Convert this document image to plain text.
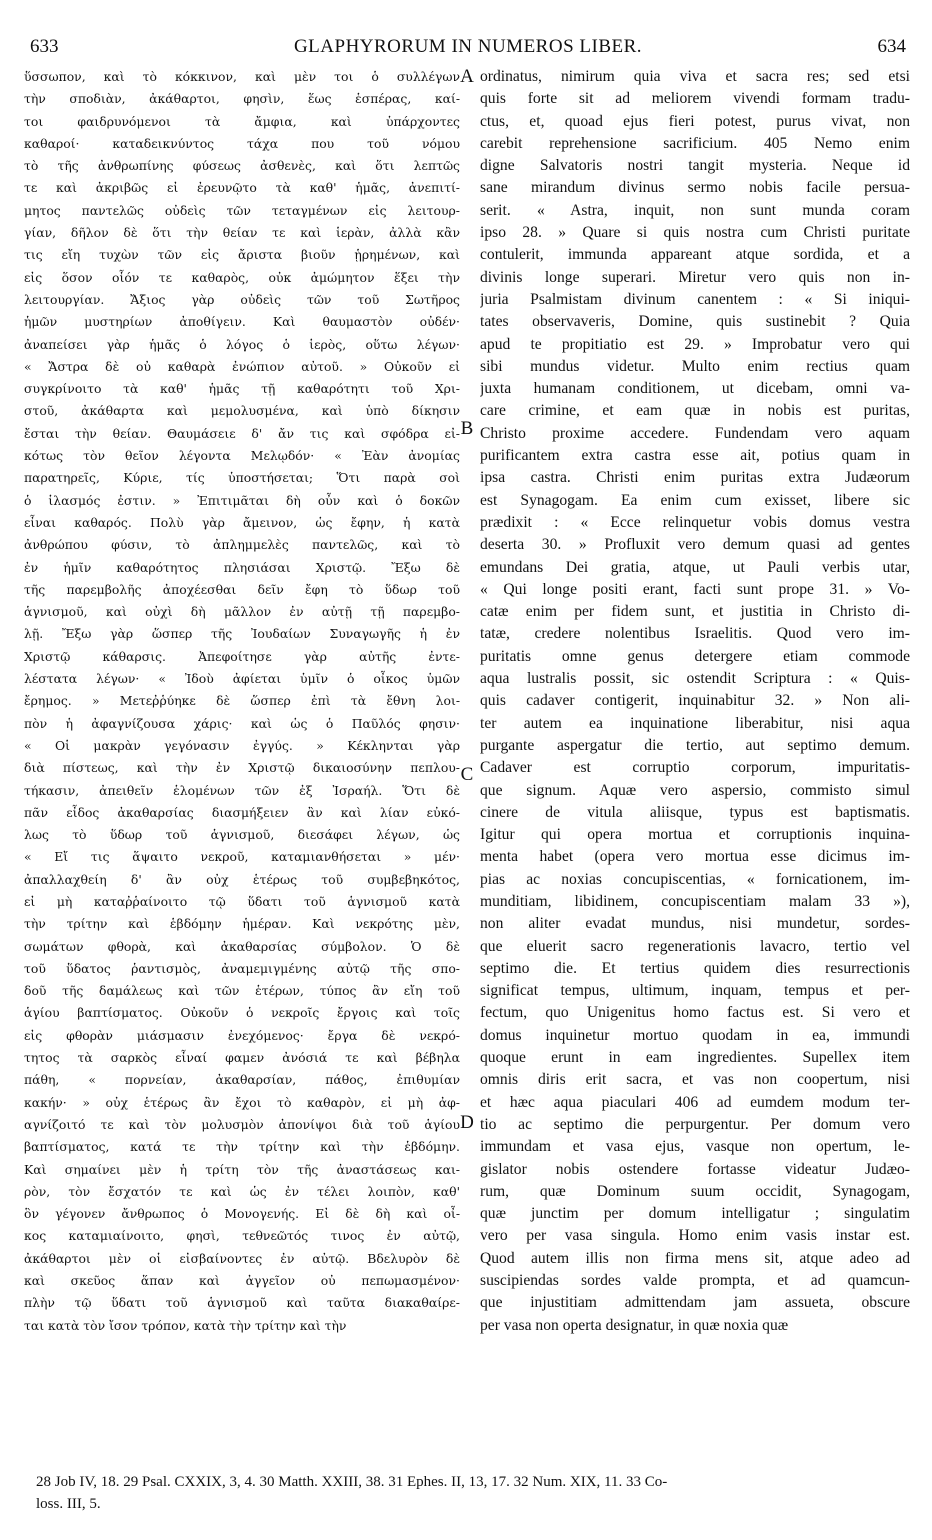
633	GLAPHYRORUM IN NUMEROS LIBER.	634
ὕσσωπον, καὶ τὸ κόκκινον, καὶ μὲν τοι ὁ συλλέγων
τὴν σποδιὰν, ἀκάθαρτοι, φησὶν, ἕως ἑσπέρας, καί-
τοι φαιδρυνόμενοι τὰ ἄμφια, καὶ ὑπάρχοντες
καθαροί· καταδεικνύντος τάχα που τοῦ νόμου
τὸ τῆς ἀνθρωπίνης φύσεως ἀσθενὲς, καὶ ὅτι λεπτῶς
τε καὶ ἀκριβῶς εἰ ἐρευνῷτο τὰ καθ' ἡμᾶς, ἀνεπιτί-
μητος παντελῶς οὐδεὶς τῶν τεταγμένων εἰς λειτουρ-
γίαν, δῆλον δὲ ὅτι τὴν θείαν τε καὶ ἱερὰν, ἀλλὰ κἂν
τις εἴη τυχὼν τῶν εἰς ἄριστα βιοῦν ᾑρημένων, καὶ
εἰς ὅσον οἷόν τε καθαρὸς, οὐκ ἀμώμητον ἕξει τὴν
λειτουργίαν. Ἄξιος γὰρ οὐδεὶς τῶν τοῦ Σωτῆρος
ἡμῶν μυστηρίων ἀποθίγειν. Καὶ θαυμαστὸν οὐδέν·
ἀναπείσει γὰρ ἡμᾶς ὁ λόγος ὁ ἱερὸς, οὕτω λέγων·
« Ἄστρα δὲ οὐ καθαρὰ ἐνώπιον αὐτοῦ. » Οὐκοῦν εἰ
συγκρίνοιτο τὰ καθ' ἡμᾶς τῇ καθαρότητι τοῦ Χρι-
στοῦ, ἀκάθαρτα καὶ μεμολυσμένα, καὶ ὑπὸ δίκησιν
ἔσται τὴν θείαν. Θαυμάσειε δ' ἄν τις καὶ σφόδρα εἰ-
κότως τὸν θεῖον λέγοντα Μελῳδόν· « Ἐὰν ἀνομίας
παρατηρεῖς, Κύριε, τίς ὑποστήσεται; Ὅτι παρὰ σοὶ
ὁ ἱλασμός ἐστιν. » Ἐπιτιμᾶται δὴ οὖν καὶ ὁ δοκῶν
εἶναι καθαρός. Πολὺ γὰρ ἄμεινον, ὡς ἔφην, ἡ κατὰ
ἀνθρώπου φύσιν, τὸ ἀπλημμελὲς παντελῶς, καὶ τὸ
ἐν ἡμῖν καθαρότητος πλησιάσαι Χριστῷ. Ἔξω δὲ
τῆς παρεμβολῆς ἀποχέεσθαι δεῖν ἔφη τὸ ὕδωρ τοῦ
ἁγνισμοῦ, καὶ οὐχὶ δὴ μᾶλλον ἐν αὐτῇ τῇ παρεμβο-
λῇ. Ἔξω γὰρ ὥσπερ τῆς Ἰουδαίων Συναγωγῆς ἡ ἐν
Χριστῷ κάθαρσις. Ἀπεφοίτησε γὰρ αὐτῆς ἐντε-
λέστατα λέγων· « Ἰδοὺ ἀφίεται ὑμῖν ὁ οἶκος ὑμῶν
ἔρημος. » Μετεῤῥύηκε δὲ ὥσπερ ἐπὶ τὰ ἔθνη λοι-
πὸν ἡ ἀφαγνίζουσα χάρις· καὶ ὡς ὁ Παῦλός φησιν·
« Οἱ μακρὰν γεγόνασιν ἐγγύς. » Κέκληνται γὰρ
διὰ πίστεως, καὶ τὴν ἐν Χριστῷ δικαιοσύνην πεπλου-
τήκασιν, ἀπειθεῖν ἑλομένων τῶν ἐξ Ἰσραήλ. Ὅτι δὲ
πᾶν εἶδος ἀκαθαρσίας διασμήξειεν ἂν καὶ λίαν εὐκό-
λως τὸ ὕδωρ τοῦ ἁγνισμοῦ, διεσάφει λέγων, ὡς
« Εἴ τις ἅψαιτο νεκροῦ, καταμιανθήσεται » μέν·
ἀπαλλαχθείη δ' ἂν οὐχ ἑτέρως τοῦ συμβεβηκότος,
εἰ μὴ καταῤῥαίνοιτο τῷ ὕδατι τοῦ ἁγνισμοῦ κατὰ
τὴν τρίτην καὶ ἑβδόμην ἡμέραν. Καὶ νεκρότης μὲν,
σωμάτων φθορὰ, καὶ ἀκαθαρσίας σύμβολον. Ὁ δὲ
τοῦ ὕδατος ῥαντισμὸς, ἀναμεμιγμένης αὐτῷ τῆς σπο-
δοῦ τῆς δαμάλεως καὶ τῶν ἑτέρων, τύπος ἂν εἴη τοῦ
ἁγίου βαπτίσματος. Οὐκοῦν ὁ νεκροῖς ἔργοις καὶ τοῖς
εἰς φθορὰν μιάσμασιν ἐνεχόμενος· ἔργα δὲ νεκρό-
τητος τὰ σαρκὸς εἶναί φαμεν ἀνόσιά τε καὶ βέβηλα
πάθη, « πορνείαν, ἀκαθαρσίαν, πάθος, ἐπιθυμίαν
κακήν· » οὐχ ἑτέρως ἂν ἔχοι τὸ καθαρὸν, εἰ μὴ ἀφ-
αγνίζοιτό τε καὶ τὸν μολυσμὸν ἀπονίψοι διὰ τοῦ ἁγίου
βαπτίσματος, κατά τε τὴν τρίτην καὶ τὴν ἑβδόμην.
Καὶ σημαίνει μὲν ἡ τρίτη τὸν τῆς ἀναστάσεως και-
ρὸν, τὸν ἔσχατόν τε καὶ ὡς ἐν τέλει λοιπὸν, καθ'
ὃν γέγονεν ἄνθρωπος ὁ Μονογενής. Εἰ δὲ δὴ καὶ οἶ-
κος καταμιαίνοιτο, φησὶ, τεθνεῶτός τινος ἐν αὐτῷ,
ἀκάθαρτοι μὲν οἱ εἰσβαίνοντες ἐν αὐτῷ. Βδελυρὸν δὲ
καὶ σκεῦος ἅπαν καὶ ἀγγεῖον οὐ πεπωμασμένον·
πλὴν τῷ ὕδατι τοῦ ἁγνισμοῦ καὶ ταῦτα διακαθαίρε-
ται κατὰ τὸν ἴσον τρόπον, κατὰ τὴν τρίτην καὶ τὴν
ordinatus, nimirum quia viva et sacra res; sed etsi
quis forte sit ad meliorem vivendi formam tradu-
ctus, et, quoad ejus fieri potest, purus vivat, non
carebit reprehensione sacrificium. 405 Nemo enim
digne Salvatoris nostri tangit mysteria. Neque id
sane mirandum divinus sermo nobis facile persua-
serit. « Astra, inquit, non sunt munda coram
ipso 28. » Quare si quis nostra cum Christi puritate
contulerit, immunda appareant atque sordida, et a
divinis longe superari. Miretur vero quis non in-
juria Psalmistam divinum canentem : « Si iniqui-
tates observaveris, Domine, quis sustinebit ? Quia
apud te propitiatio est 29. » Improbatur vero qui
sibi mundus videtur. Multo enim rectius quam
juxta humanam conditionem, ut dicebam, omni va-
care crimine, et eam quæ in nobis est puritas,
Christo proxime accedere. Fundendam vero aquam
purificantem extra castra esse ait, potius quam in
ipsa castra. Christi enim puritas extra Judæorum
est Synagogam. Ea enim cum exisset, libere sic
prædixit : « Ecce relinquetur vobis domus vestra
deserta 30. » Profluxit vero demum quasi ad gentes
emundans Dei gratia, atque, ut Pauli verbis utar,
« Qui longe positi erant, facti sunt prope 31. » Vo-
catæ enim per fidem sunt, et justitia in Christo di-
tatæ, credere nolentibus Israelitis. Quod vero im-
puritatis omne genus detergere etiam commode
aqua lustralis possit, sic ostendit Scriptura : « Quis-
quis cadaver contigerit, inquinabitur 32. » Non ali-
ter autem ea inquinatione liberabitur, nisi aqua
purgante aspergatur die tertio, aut septimo demum.
Cadaver est corruptio corporum, impuritatis-
que signum. Aquæ vero aspersio, commisto simul
cinere de vitula aliisque, typus est baptismatis.
Igitur qui opera mortua et corruptionis inquina-
menta habet (opera vero mortua esse dicimus im-
pias ac noxias concupiscentias, « fornicationem, im-
munditiam, libidinem, concupiscentiam malam 33 »),
non aliter evadat mundus, nisi mundetur, sordes-
que eluerit sacro regenerationis lavacro, tertio vel
septimo die. Et tertius quidem dies resurrectionis
significat tempus, ultimum, inquam, tempus et per-
fectum, quo Unigenitus homo factus est. Si vero et
domus inquinetur mortuo quodam in ea, immundi
quoque erunt in eam ingredientes. Supellex item
omnis diris erit sacra, et vas non coopertum, nisi
et hæc aqua piaculari 406 ad eumdem modum ter-
tio ac septimo die perpurgentur. Per domum vero
immundam et vasa ejus, vasque non opertum, le-
gislator nobis ostendere fortasse videatur Judæo-
rum, quæ Dominum suum occidit, Synagogam,
quæ junctim per domum intelligatur ; singulatim
vero per vasa singula. Homo enim vasis instar est.
Quod autem illis non firma mens sit, atque adeo ad
suscipiendas sordes valde prompta, et ad quamcun-
que injustitiam admittendam jam assueta, obscure
per vasa non operta designatur, in quæ noxia quæ
A
B
C
D
28 Job IV, 18. 29 Psal. CXXIX, 3, 4. 30 Matth. XXIII, 38. 31 Ephes. II, 13, 17. 32 Num. XIX, 11. 33 Co-
loss. III, 5.
